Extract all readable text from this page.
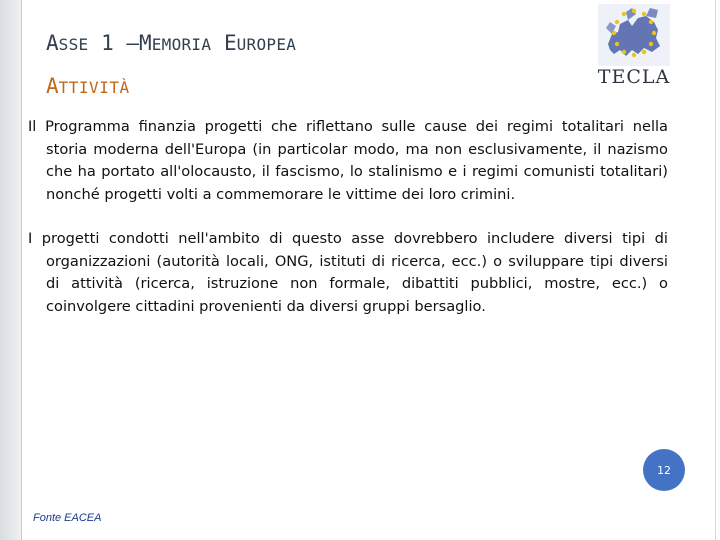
ASSE 1 –MEMORIA EUROPEA
ATTIVITÀ	TECLA

Il Programma finanzia progetti che riflettano sulle cause dei regimi totalitari nella storia moderna dell'Europa (in particolar modo, ma non esclusivamente, il nazismo che ha portato all'olocausto, il fascismo, lo stalinismo e i regimi comunisti totalitari) nonché progetti volti a commemorare le vittime dei loro crimini.

I progetti condotti nell'ambito di questo asse dovrebbero includere diversi tipi di organizzazioni (autorità locali, ONG, istituti di ricerca, ecc.) o sviluppare tipi diversi di attività (ricerca, istruzione non formale, dibattiti pubblici, mostre, ecc.) o coinvolgere cittadini provenienti da diversi gruppi bersaglio.

12
Fonte EACEA
